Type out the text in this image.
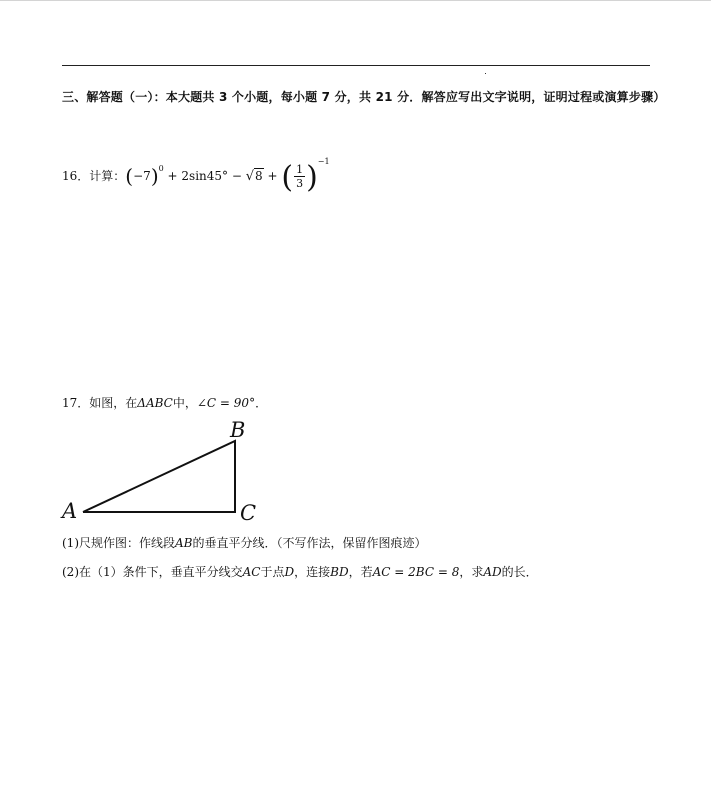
三、解答题（一）：本大题共 3 个小题，每小题 7 分，共 21 分．解答应写出文字说明，证明过程或演算步骤）

16．计算：$(-7)^0 + 2\sin 45^\circ - √8$ + ( $\frac{1}{3} )^{-1}$
17．如图，在ΔABC中，∠C = 90°．
A
B
C
(1)尺规作图：作线段AB的垂直平分线．（不写作法，保留作图痕迹）
(2)在（1）条件下，垂直平分线交AC于点D，连接BD，若AC = 2BC = 8，求AD的长．
